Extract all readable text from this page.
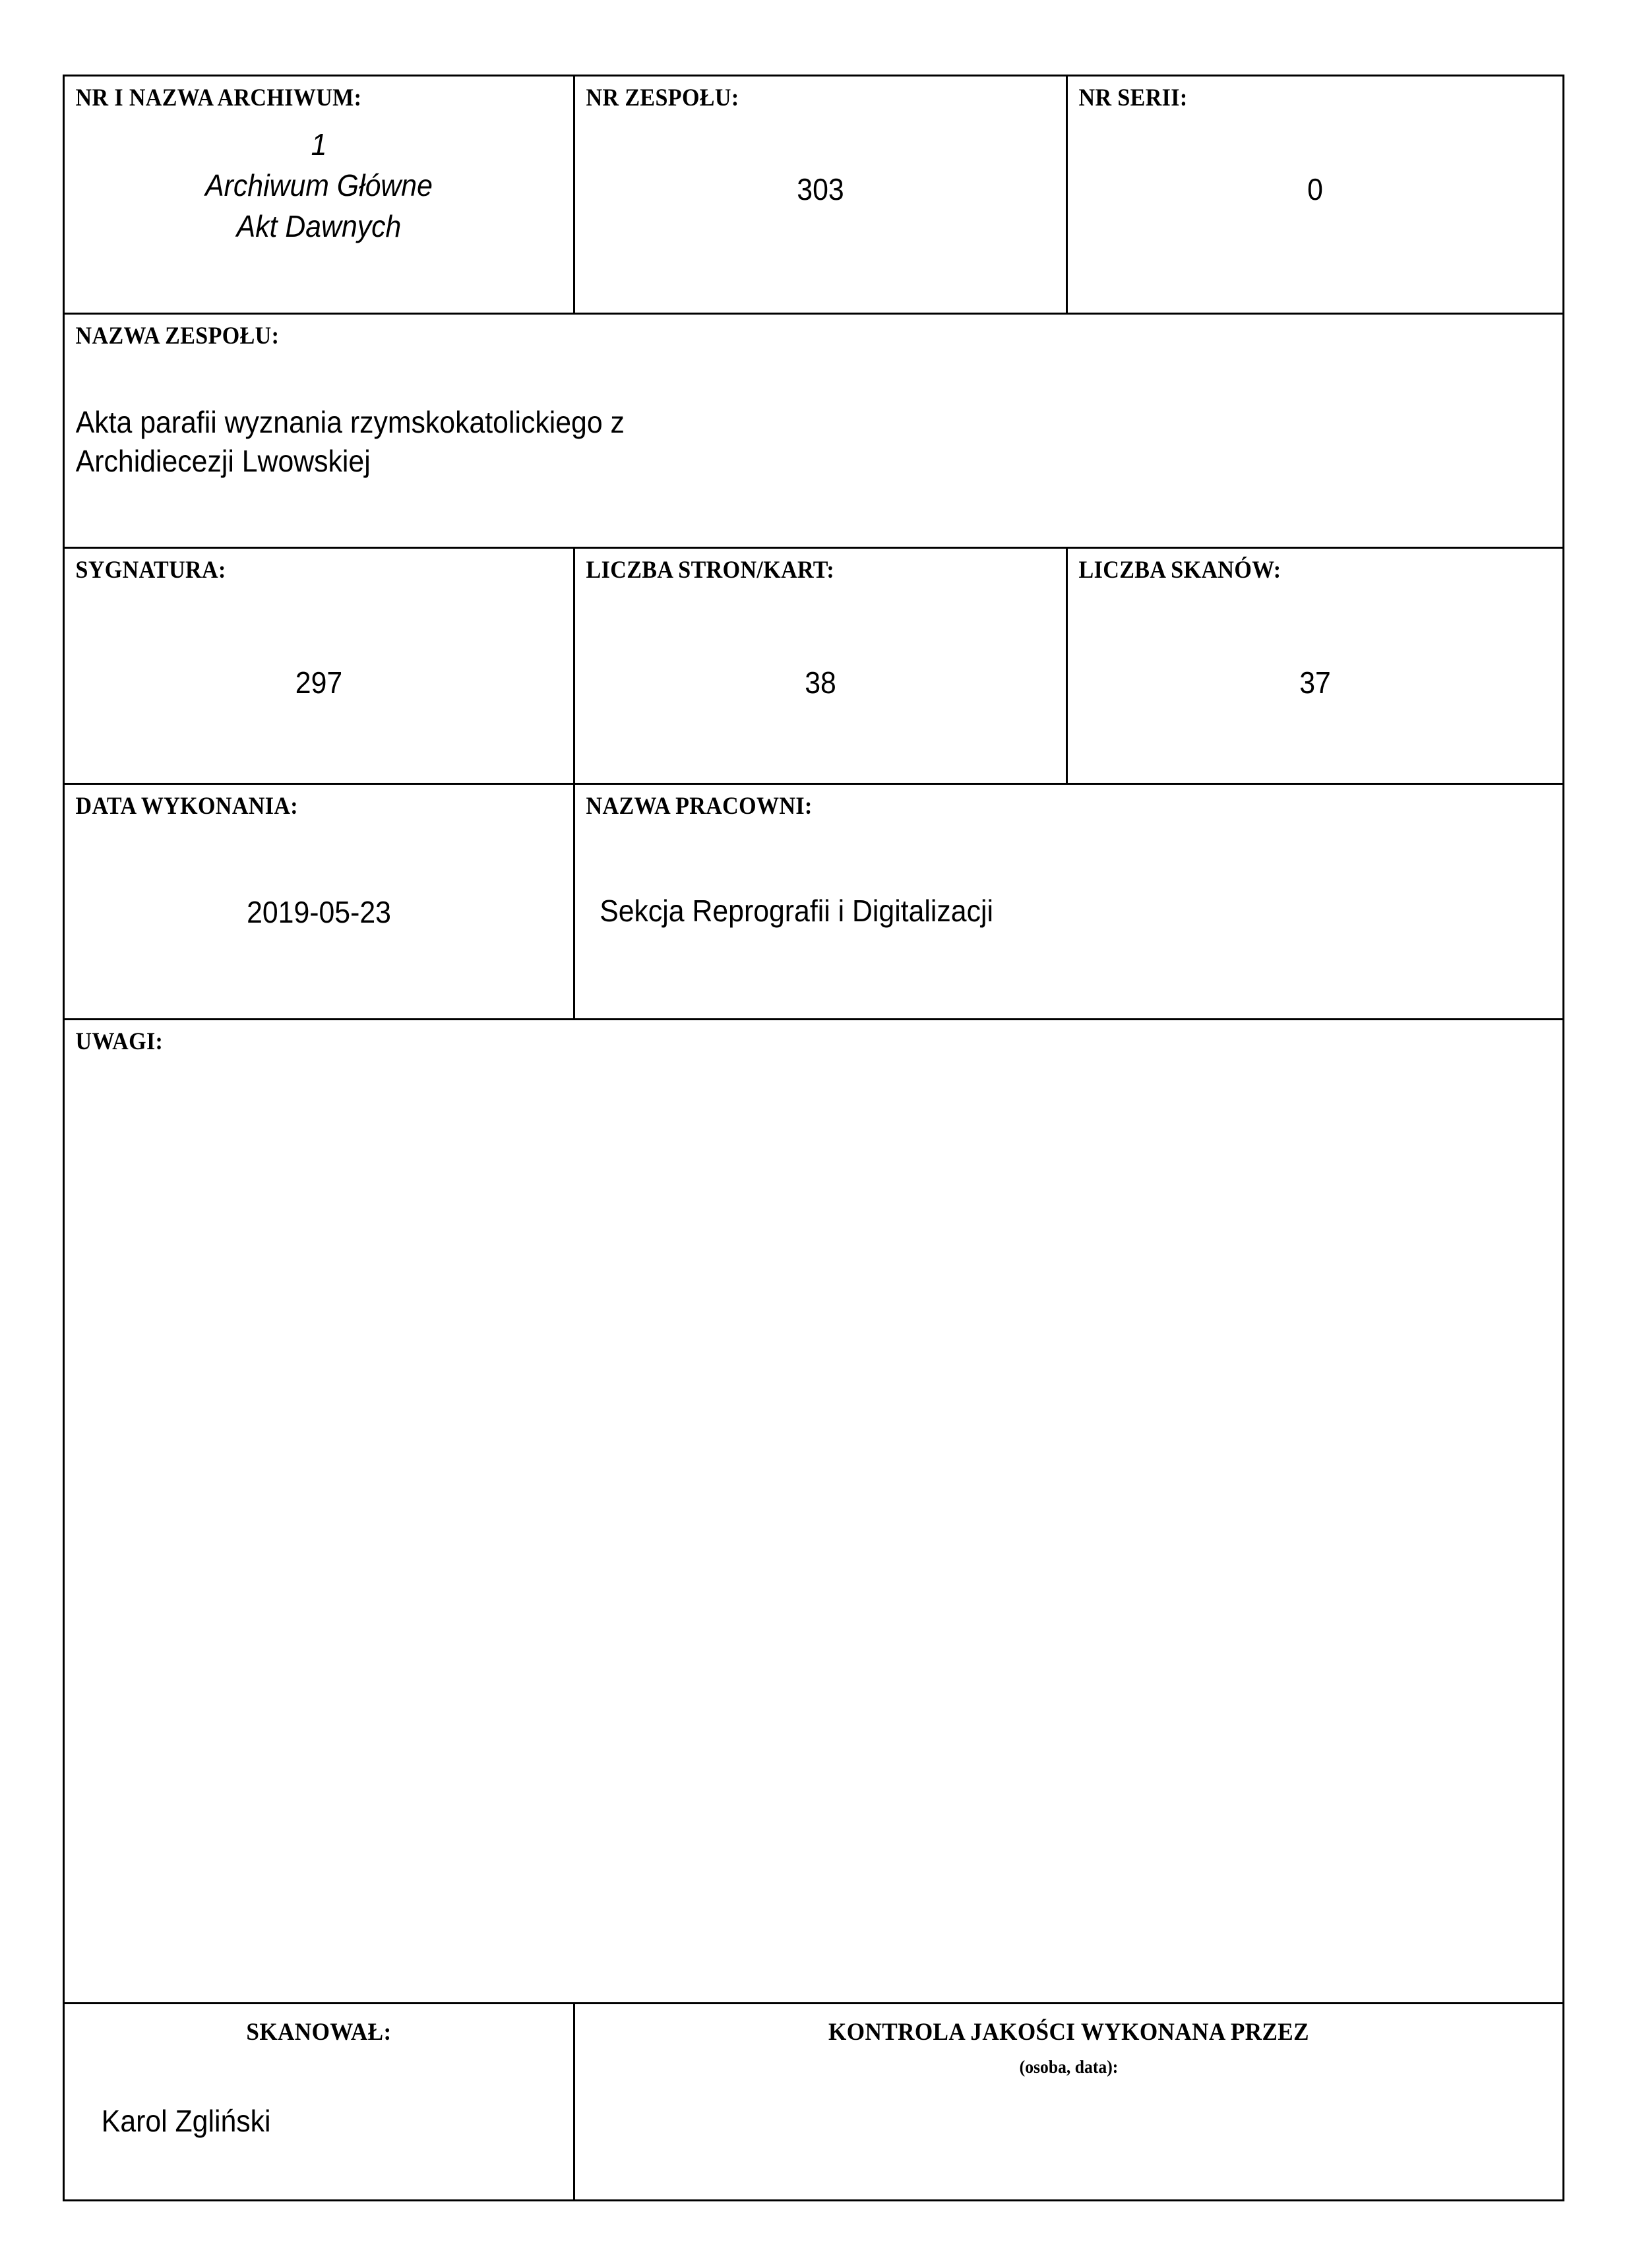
NR I NAZWA ARCHIWUM:
1
Archiwum Główne
Akt Dawnych	NR ZESPOŁU:
303	NR SERII:
0

NAZWA ZESPOŁU:
Akta parafii wyznania rzymskokatolickiego z
Archidiecezji Lwowskiej		

SYGNATURA:
297	LICZBA STRON/KART:
38	LICZBA SKANÓW:
37

DATA WYKONANIA:
2019-05-23	NAZWA PRACOWNI:
Sekcja Reprografii i Digitalizacji	

UWAGI:		

SKANOWAŁ:
Karol Zgliński	KONTROLA JAKOŚCI WYKONANA PRZEZ
(osoba, data):	
